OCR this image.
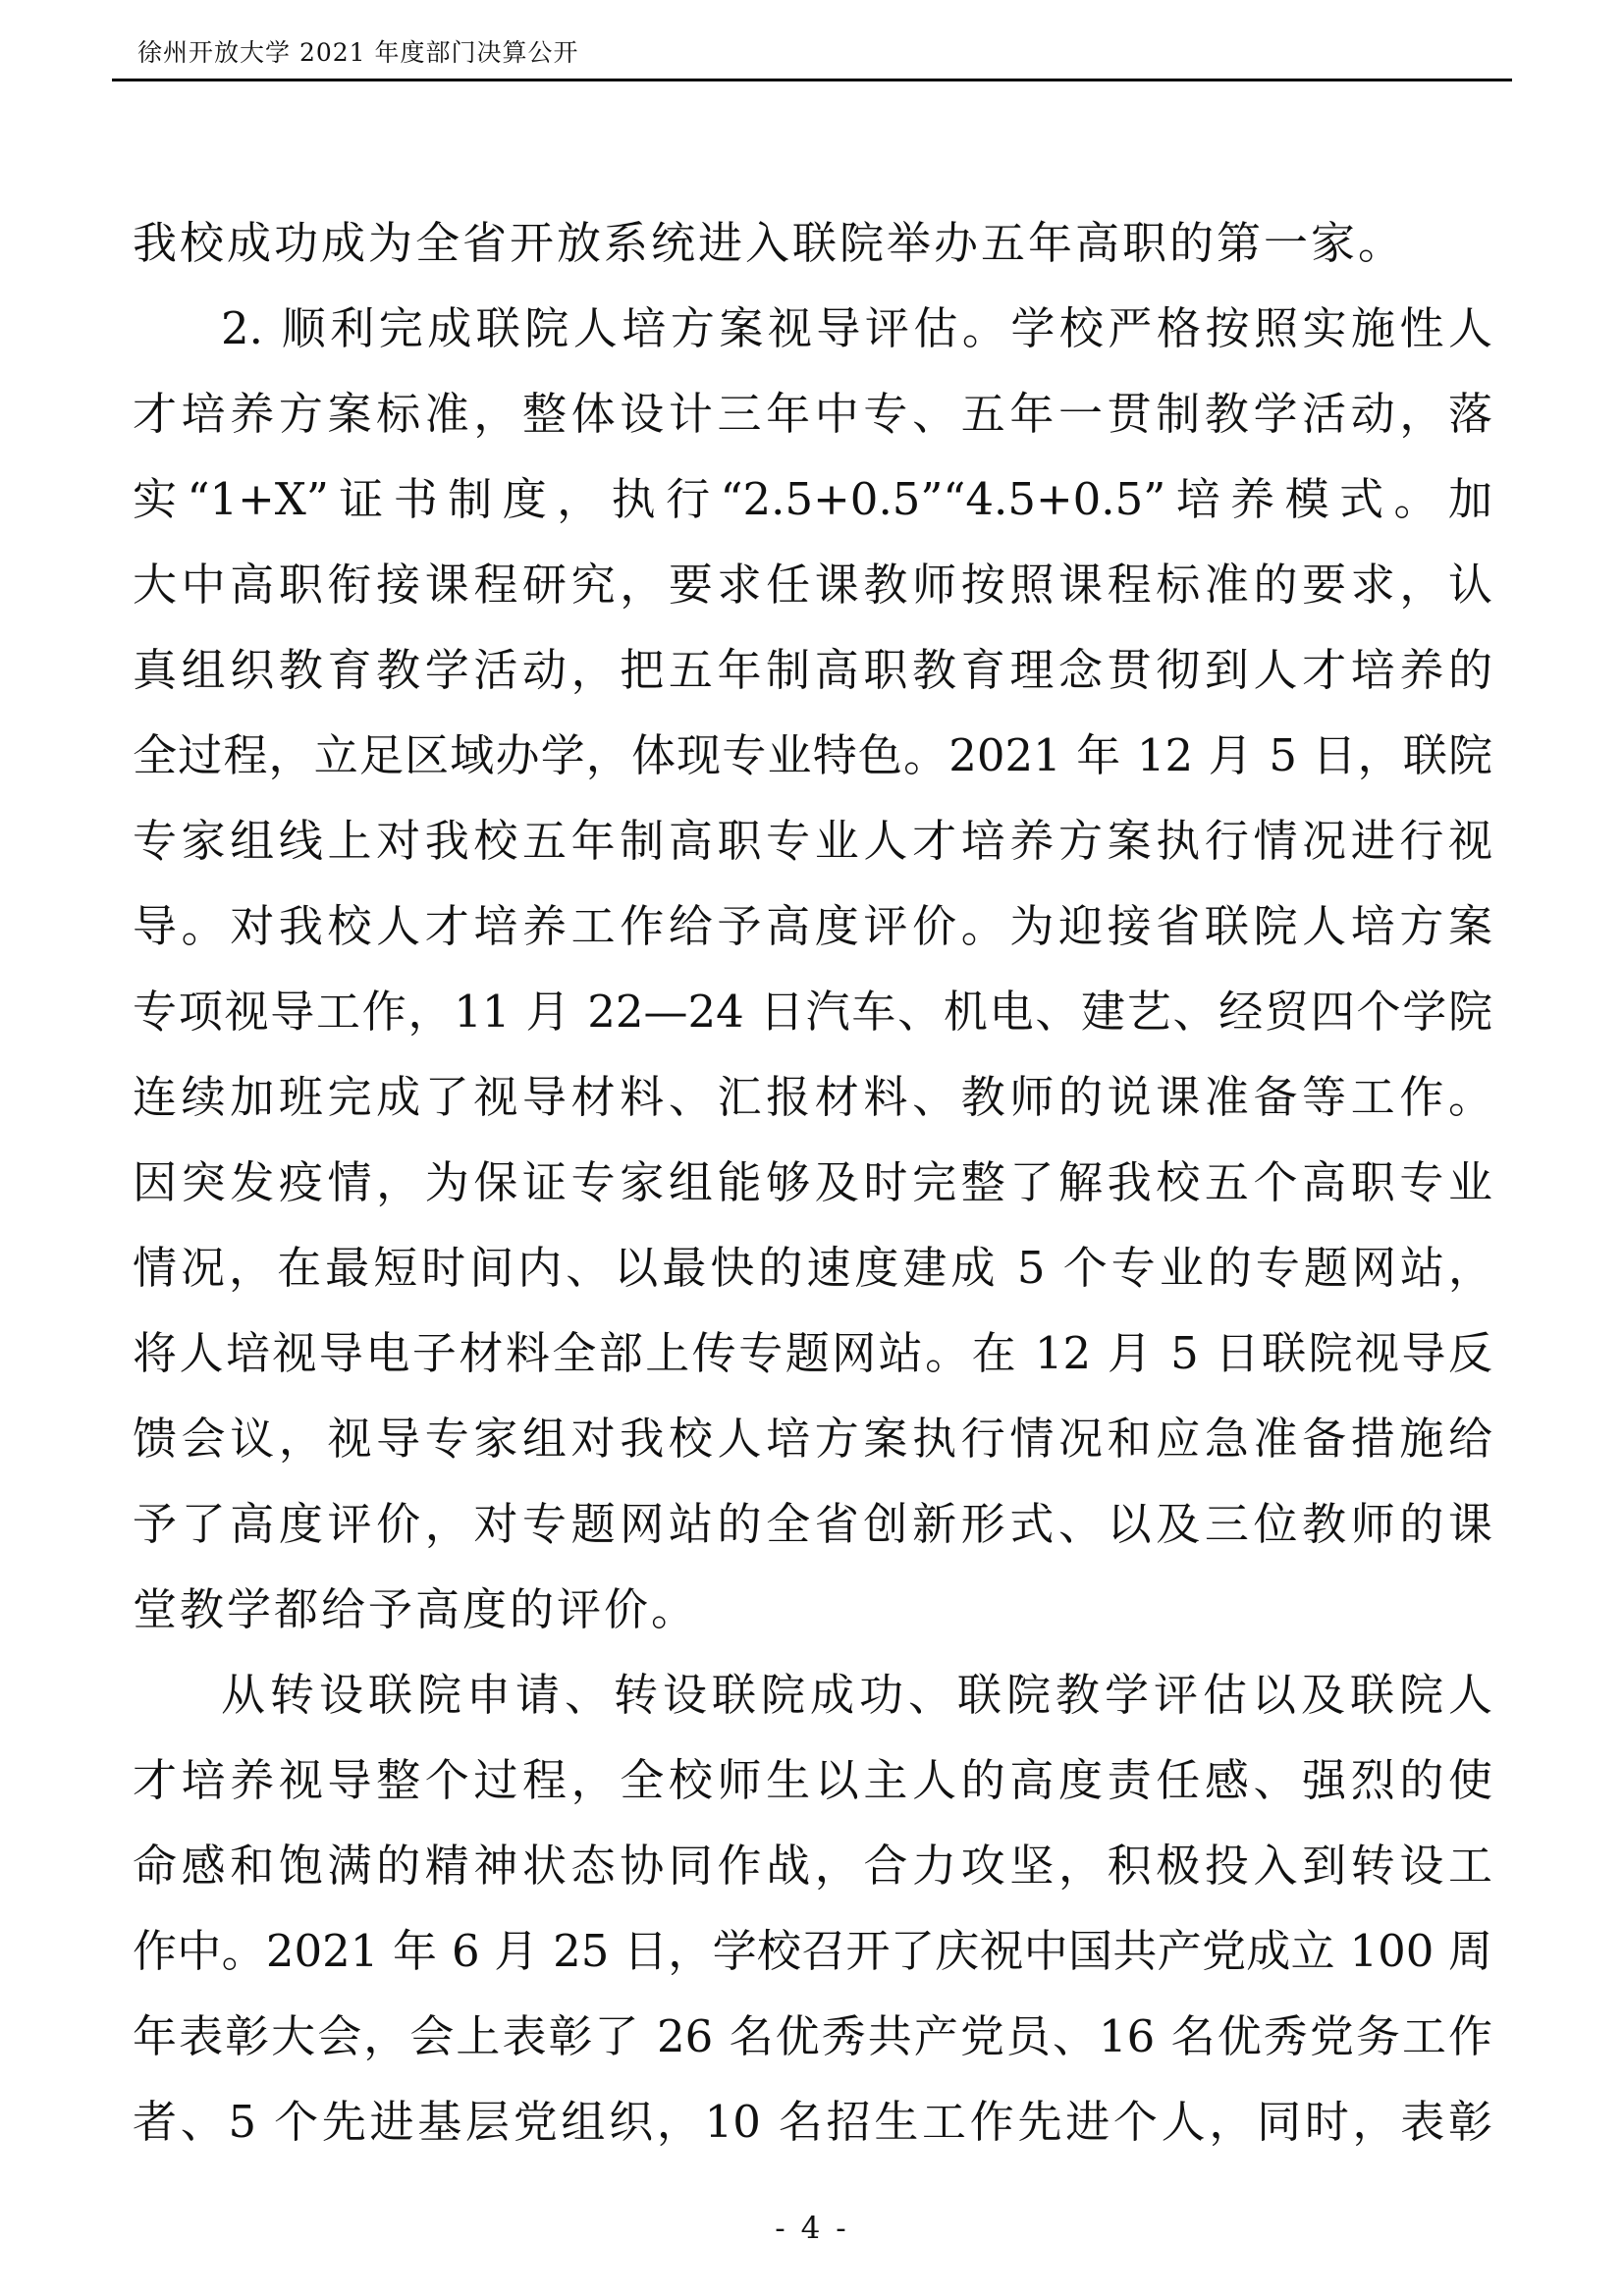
徐州开放大学 2021 年度部门决算公开
我校成功成为全省开放系统进入联院举办五年高职的第一家。
2. 顺利完成联院人培方案视导评估。学校严格按照实施性人
才培养方案标准，整体设计三年中专、五年一贯制教学活动，落
实“1+X”证书制度，执行“2.5+0.5”“4.5+0.5”培养模式。加
大中高职衔接课程研究，要求任课教师按照课程标准的要求，认
真组织教育教学活动，把五年制高职教育理念贯彻到人才培养的
全过程，立足区域办学，体现专业特色。2021 年 12 月 5 日，联院
专家组线上对我校五年制高职专业人才培养方案执行情况进行视
导。对我校人才培养工作给予高度评价。为迎接省联院人培方案
专项视导工作，11 月 22—24 日汽车、机电、建艺、经贸四个学院
连续加班完成了视导材料、汇报材料、教师的说课准备等工作。
因突发疫情，为保证专家组能够及时完整了解我校五个高职专业
情况，在最短时间内、以最快的速度建成 5 个专业的专题网站，
将人培视导电子材料全部上传专题网站。在 12 月 5 日联院视导反
馈会议，视导专家组对我校人培方案执行情况和应急准备措施给
予了高度评价，对专题网站的全省创新形式、以及三位教师的课
堂教学都给予高度的评价。
从转设联院申请、转设联院成功、联院教学评估以及联院人
才培养视导整个过程，全校师生以主人的高度责任感、强烈的使
命感和饱满的精神状态协同作战，合力攻坚，积极投入到转设工
作中。2021 年 6 月 25 日，学校召开了庆祝中国共产党成立 100 周
年表彰大会，会上表彰了 26 名优秀共产党员、16 名优秀党务工作
者、5 个先进基层党组织，10 名招生工作先进个人，同时，表彰
- 4 -
